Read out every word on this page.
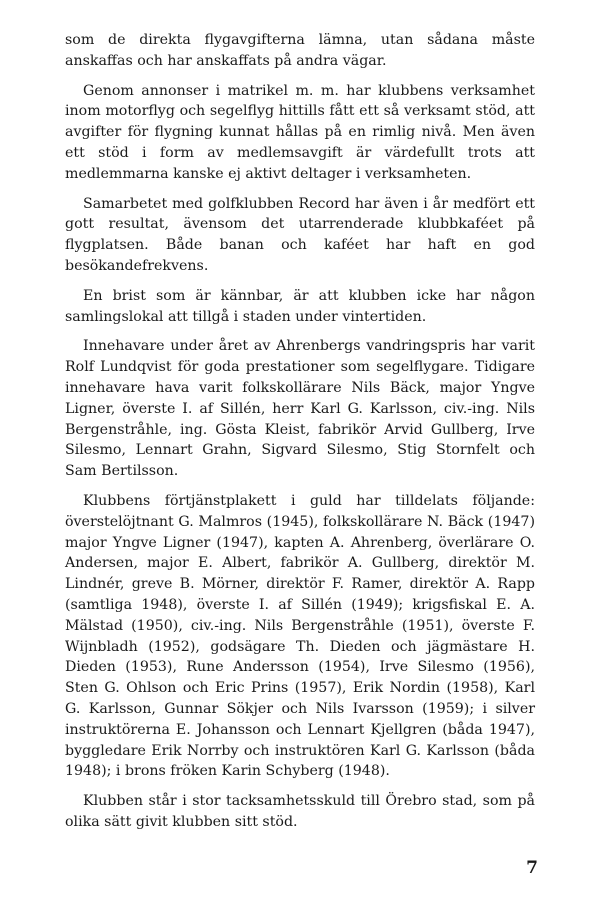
som de direkta flygavgifterna lämna, utan sådana måste anskaffas och har anskaffats på andra vägar.

Genom annonser i matrikel m. m. har klubbens verksamhet inom motorflyg och segelflyg hittills fått ett så verksamt stöd, att avgifter för flygning kunnat hållas på en rimlig nivå. Men även ett stöd i form av medlemsavgift är värdefullt trots att medlemmarna kanske ej aktivt deltager i verksamheten.

Samarbetet med golfklubben Record har även i år medfört ett gott resultat, ävensom det utarrenderade klubbkaféet på flygplatsen. Både banan och kaféet har haft en god besökandefrekvens.

En brist som är kännbar, är att klubben icke har någon samlingslokal att tillgå i staden under vintertiden.

Innehavare under året av Ahrenbergs vandringspris har varit Rolf Lundqvist för goda prestationer som segelflygare. Tidigare innehavare hava varit folkskollärare Nils Bäck, major Yngve Ligner, överste I. af Sillén, herr Karl G. Karlsson, civ.-ing. Nils Bergenstråhle, ing. Gösta Kleist, fabrikör Arvid Gullberg, Irve Silesmo, Lennart Grahn, Sigvard Silesmo, Stig Stornfelt och Sam Bertilsson.

Klubbens förtjänstplakett i guld har tilldelats följande: överstelöjtnant G. Malmros (1945), folkskollärare N. Bäck (1947) major Yngve Ligner (1947), kapten A. Ahrenberg, överlärare O. Andersen, major E. Albert, fabrikör A. Gullberg, direktör M. Lindnér, greve B. Mörner, direktör F. Ramer, direktör A. Rapp (samtliga 1948), överste I. af Sillén (1949); krigsfiskal E. A. Mälstad (1950), civ.-ing. Nils Bergenstråhle (1951), överste F. Wijnbladh (1952), godsägare Th. Dieden och jägmästare H. Dieden (1953), Rune Andersson (1954), Irve Silesmo (1956), Sten G. Ohlson och Eric Prins (1957), Erik Nordin (1958), Karl G. Karlsson, Gunnar Sökjer och Nils Ivarsson (1959); i silver instruktörerna E. Johansson och Lennart Kjellgren (båda 1947), byggledare Erik Norrby och instruktören Karl G. Karlsson (båda 1948); i brons fröken Karin Schyberg (1948).

Klubben står i stor tacksamhetsskuld till Örebro stad, som på olika sätt givit klubben sitt stöd.

7
